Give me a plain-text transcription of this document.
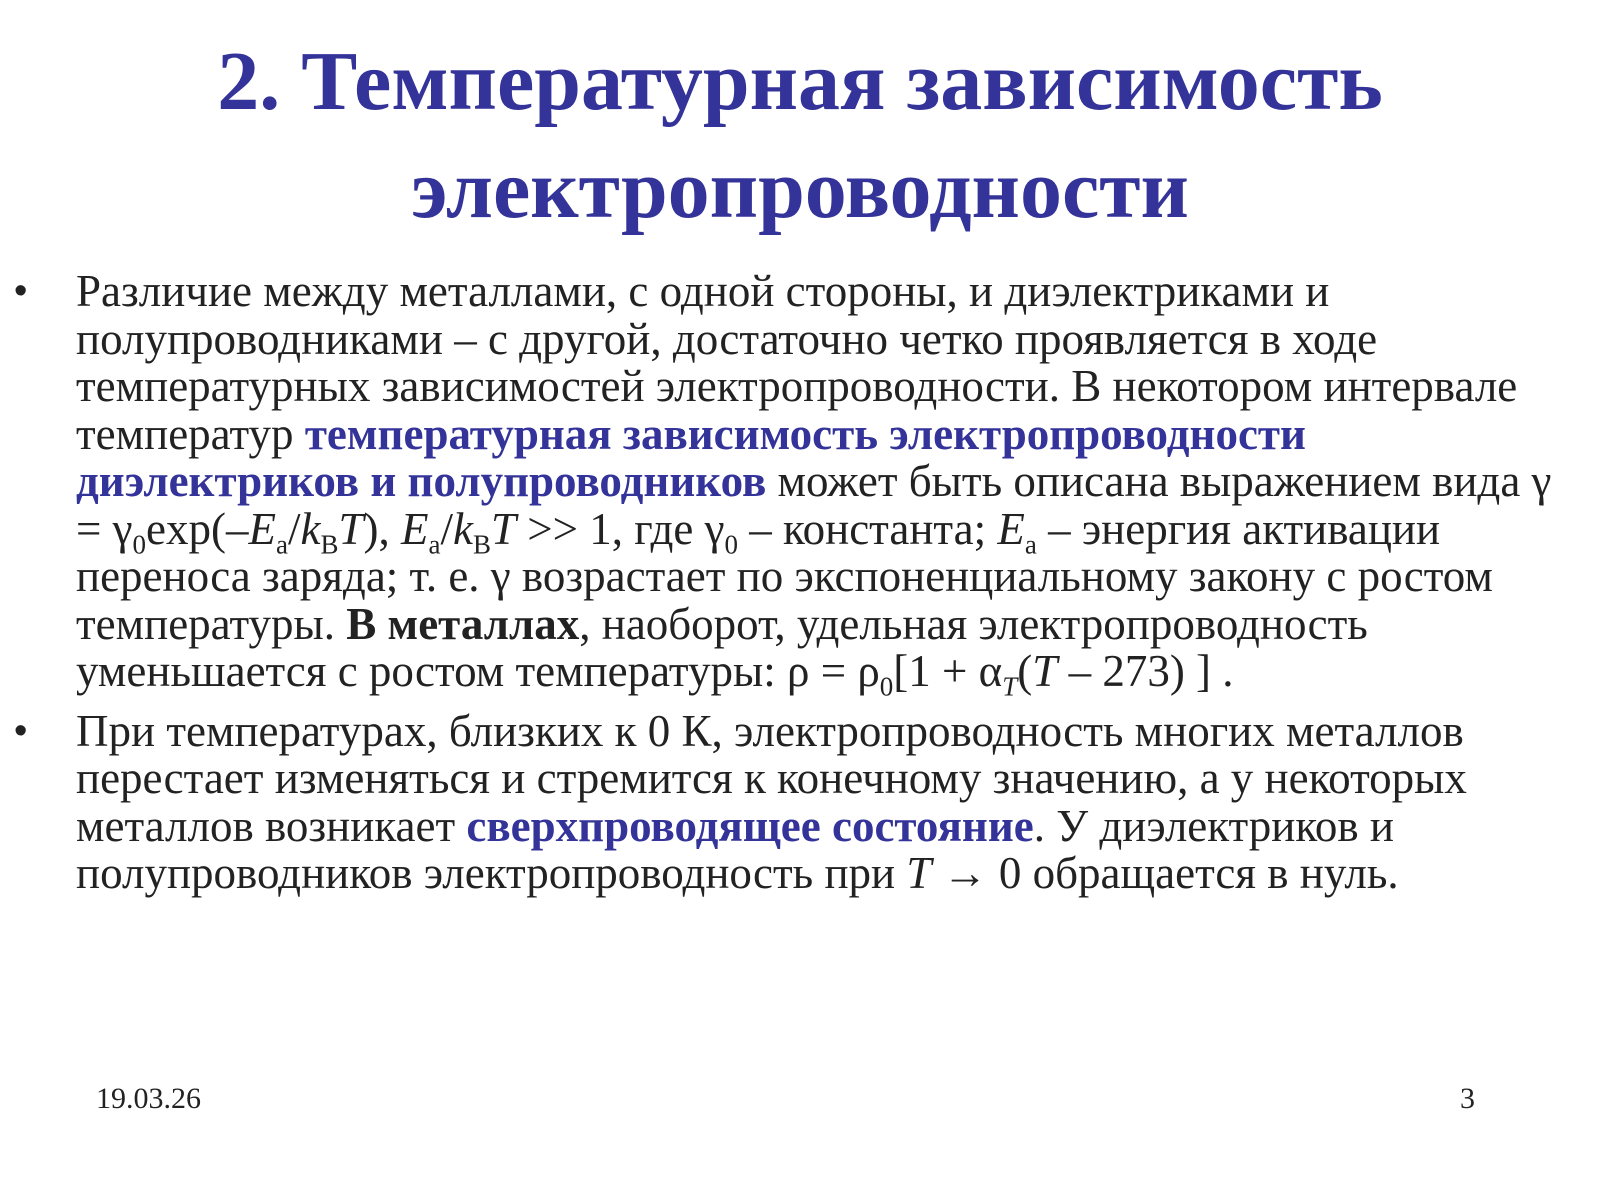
2. Температурная зависимость
электропроводности

• Различие между металлами, с одной стороны, и диэлектриками и полупроводниками – с другой, достаточно четко проявляется в ходе температурных зависимостей электропроводности. В некотором интервале температур температурная зависимость электропроводности диэлектриков и полупроводников может быть описана выражением вида $\gamma = \gamma_0\exp(-E_a/k_BT)$, $E_a/k_BT >> 1$, где $\gamma_0$ – константа; $E_a$ – энергия активации переноса заряда; т. е. γ возрастает по экспоненциальному закону с ростом температуры. В металлах, наоборот, удельная электропроводность уменьшается с ростом температуры: $\rho = \rho_0[1 + \alpha_T(T - 273)$ ] .

• При температурах, близких к 0 К, электропроводность многих металлов перестает изменяться и стремится к конечному значению, а у некоторых металлов возникает сверхпроводящее состояние. У диэлектриков и полупроводников электропроводность при T → 0 обращается в нуль.

19.03.26	3
